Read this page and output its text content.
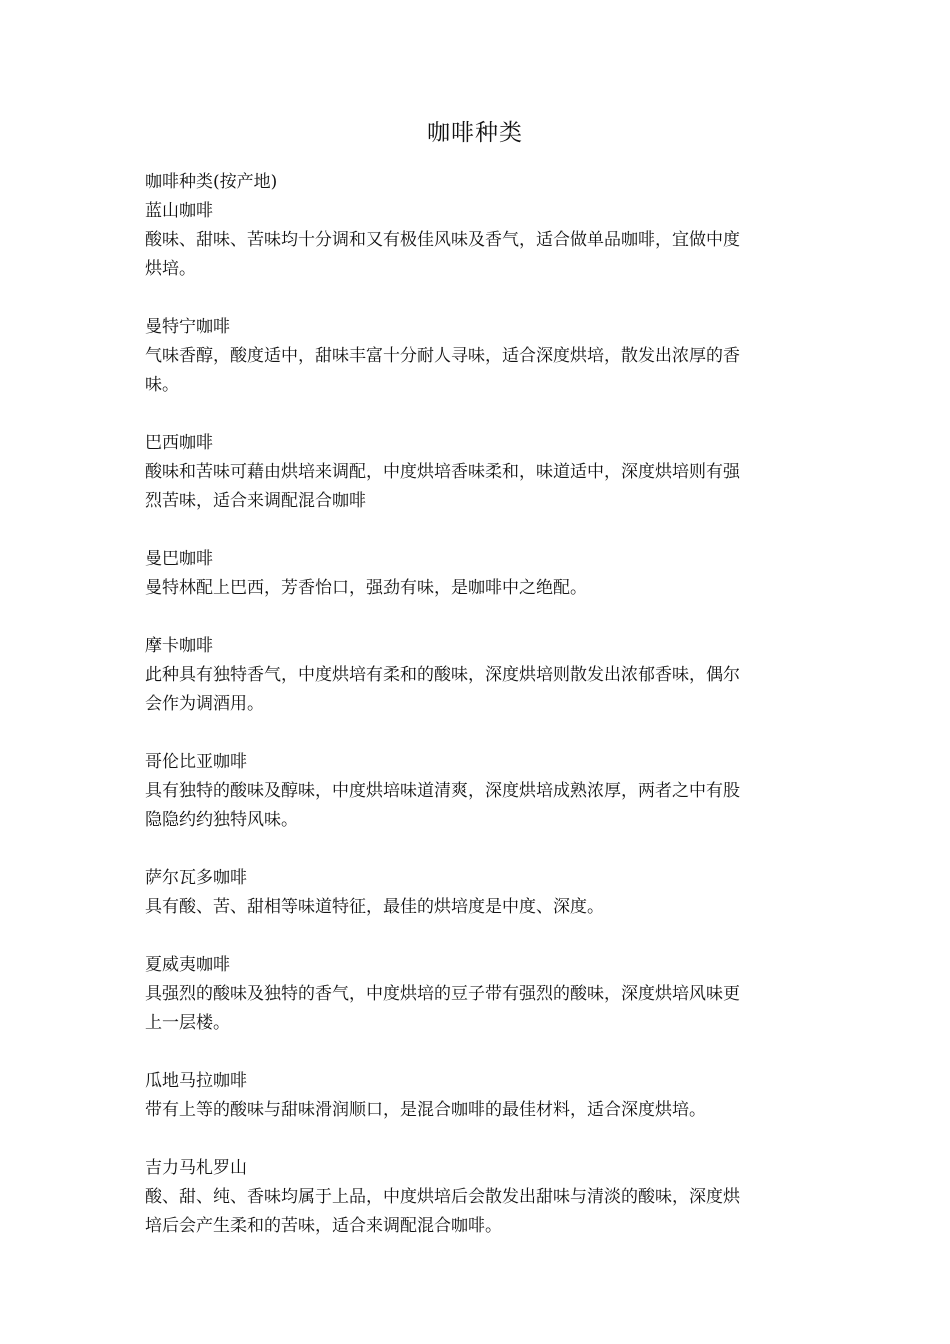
咖啡种类
咖啡种类(按产地)
蓝山咖啡
酸味、甜味、苦味均十分调和又有极佳风味及香气，适合做单品咖啡，宜做中度
烘培。
曼特宁咖啡
气味香醇，酸度适中，甜味丰富十分耐人寻味，适合深度烘培，散发出浓厚的香
味。
巴西咖啡
酸味和苦味可藉由烘培来调配，中度烘培香味柔和，味道适中，深度烘培则有强
烈苦味，适合来调配混合咖啡
曼巴咖啡
曼特林配上巴西，芳香怡口，强劲有味，是咖啡中之绝配。
摩卡咖啡
此种具有独特香气，中度烘培有柔和的酸味，深度烘培则散发出浓郁香味，偶尔
会作为调酒用。
哥伦比亚咖啡
具有独特的酸味及醇味，中度烘培味道清爽，深度烘培成熟浓厚，两者之中有股
隐隐约约独特风味。
萨尔瓦多咖啡
具有酸、苦、甜相等味道特征，最佳的烘培度是中度、深度。
夏威夷咖啡
具强烈的酸味及独特的香气，中度烘培的豆子带有强烈的酸味，深度烘培风味更
上一层楼。
瓜地马拉咖啡
带有上等的酸味与甜味滑润顺口，是混合咖啡的最佳材料，适合深度烘培。
吉力马札罗山
酸、甜、纯、香味均属于上品，中度烘培后会散发出甜味与清淡的酸味，深度烘
培后会产生柔和的苦味，适合来调配混合咖啡。
